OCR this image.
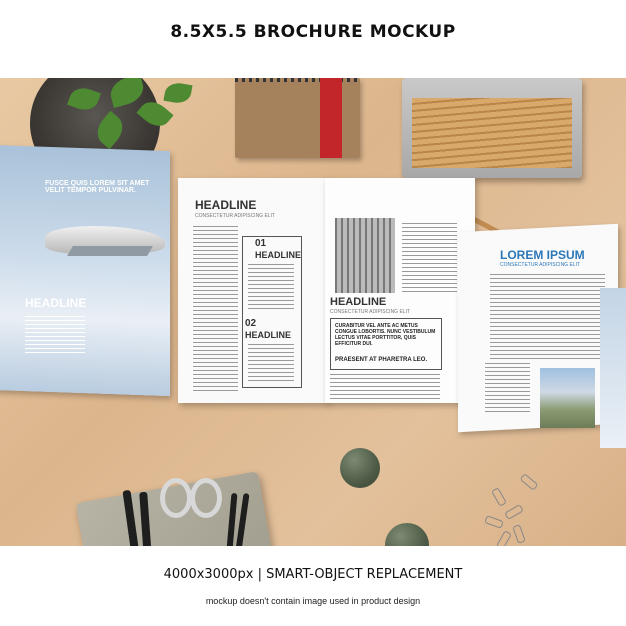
8.5X5.5 BROCHURE MOCKUP
FUSCE QUIS LOREM SIT AMET VELIT TEMPOR PULVINAR.
HEADLINE
HEADLINE
CONSECTETUR ADIPISCING ELIT
01
HEADLINE
02
HEADLINE
HEADLINE
CONSECTETUR ADIPISCING ELIT
CURABITUR VEL ANTE AC METUS CONGUE LOBORTIS. NUNC VESTIBULUM LECTUS VITAE PORTTITOR, QUIS EFFICITUR DUI.
PRAESENT AT PHARETRA LEO.
LOREM IPSUM
CONSECTETUR ADIPISCING ELIT
4000x3000px | SMART-OBJECT REPLACEMENT
mockup doesn't contain image used in product design
